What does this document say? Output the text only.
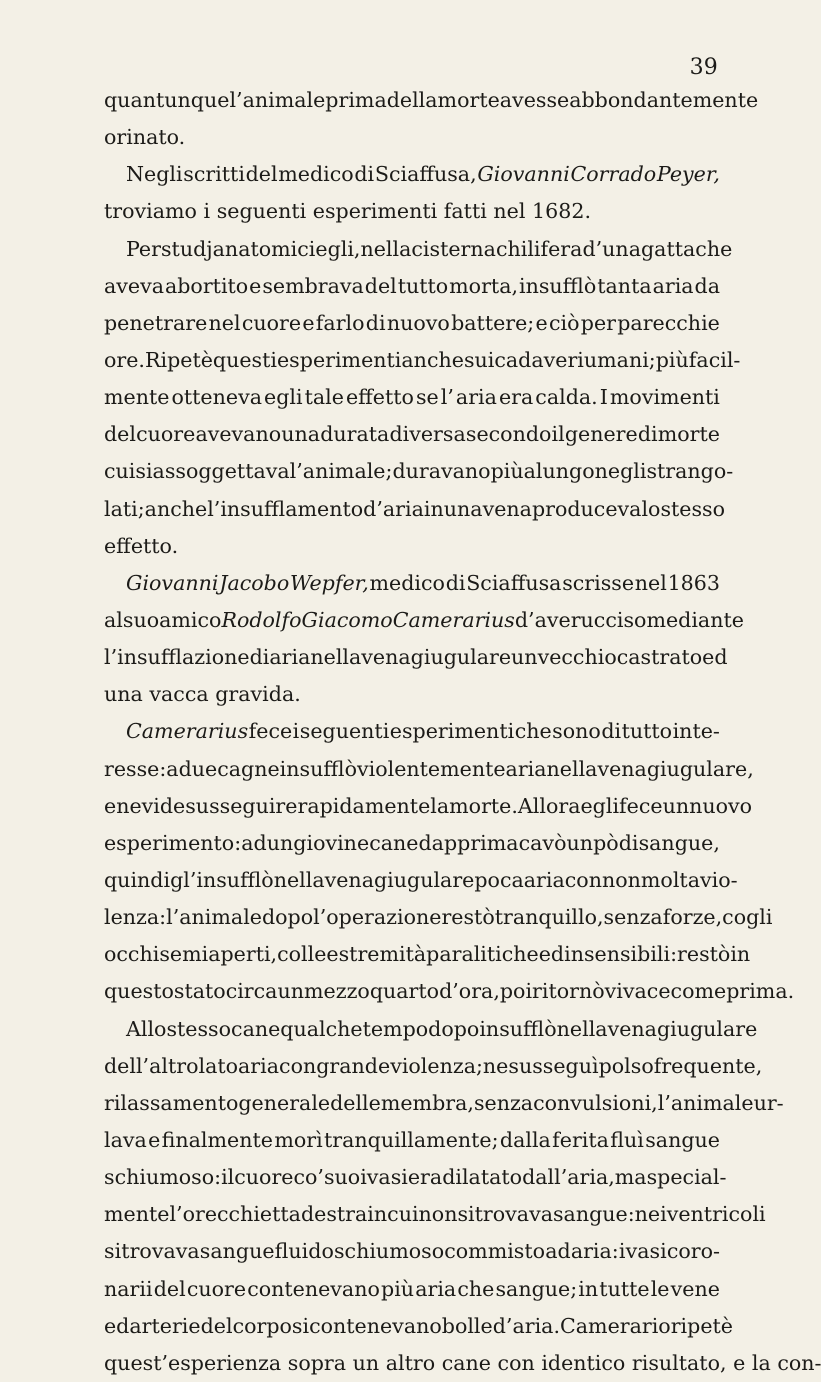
39
quantunque l’ animale prima della morte avesse abbondantemente
orinato.
Negli scritti del medico di Sciaffusa, Giovanni Corrado Peyer,
troviamo i seguenti esperimenti fatti nel 1682.
Per studj anatomici egli, nella cisterna chilifera d’una gatta che
aveva abortito e sembrava del tutto morta, insufflò tanta aria da
penetrare nel cuore e farlo di nuovo battere; e ciò per parecchie
ore. Ripetè questi esperimenti anche sui cadaveri umani; più facil-
mente otteneva egli tale effetto se l’ aria era calda. I movimenti
del cuore avevano una durata diversa secondo il genere di morte
cui si assoggettava l’animale; duravano più a lungo negli strango-
lati; anche l’insufflamento d’aria in una vena produceva lo stesso
effetto.
Giovanni Jacobo Wepfer, medico di Sciaffusa scrisse nel 1863
al suo amico Rodolfo Giacomo Camerarius d’aver ucciso mediante
l’insufflazione di aria nella vena giugulare un vecchio castrato ed
una vacca gravida.
Camerarius fece i seguenti esperimenti che sono di tutto inte-
resse: a due cagne insufflò violentemente aria nella vena giugulare,
e ne vide susseguire rapidamente la morte. Allora egli fece un nuovo
esperimento: ad un giovine cane dapprima cavò un pò di sangue,
quindi gl’insufflò nella vena giugulare poca aria con non molta vio-
lenza : l’animale dopo l’operazione restò tranquillo, senza forze, cogli
occhi semiaperti, colle estremità paralitiche ed insensibili : restò in
questo stato circa un mezzo quarto d’ora, poi ritornò vivace come prima.
Allo stesso cane qualche tempo dopo insufflò nella vena giugulare
dell’altro lato aria con grande violenza; ne susseguì polso frequente,
rilassamento generale delle membra, senza convulsioni, l’animale ur-
lava e finalmente morì tranquillamente; dalla ferita fluì sangue
schiumoso : il cuore co’ suoi vasi era dilatato dall’aria, ma special-
mente l’orecchietta destra in cui non si trovava sangue: nei ventricoli
si trovava sangue fluido schiumoso commisto ad aria: i vasi coro-
narii del cuore contenevano più aria che sangue; in tutte le vene
ed arterie del corpo si contenevano bolle d’ aria. Camerario ripetè
quest’esperienza sopra un altro cane con identico risultato, e la con-
